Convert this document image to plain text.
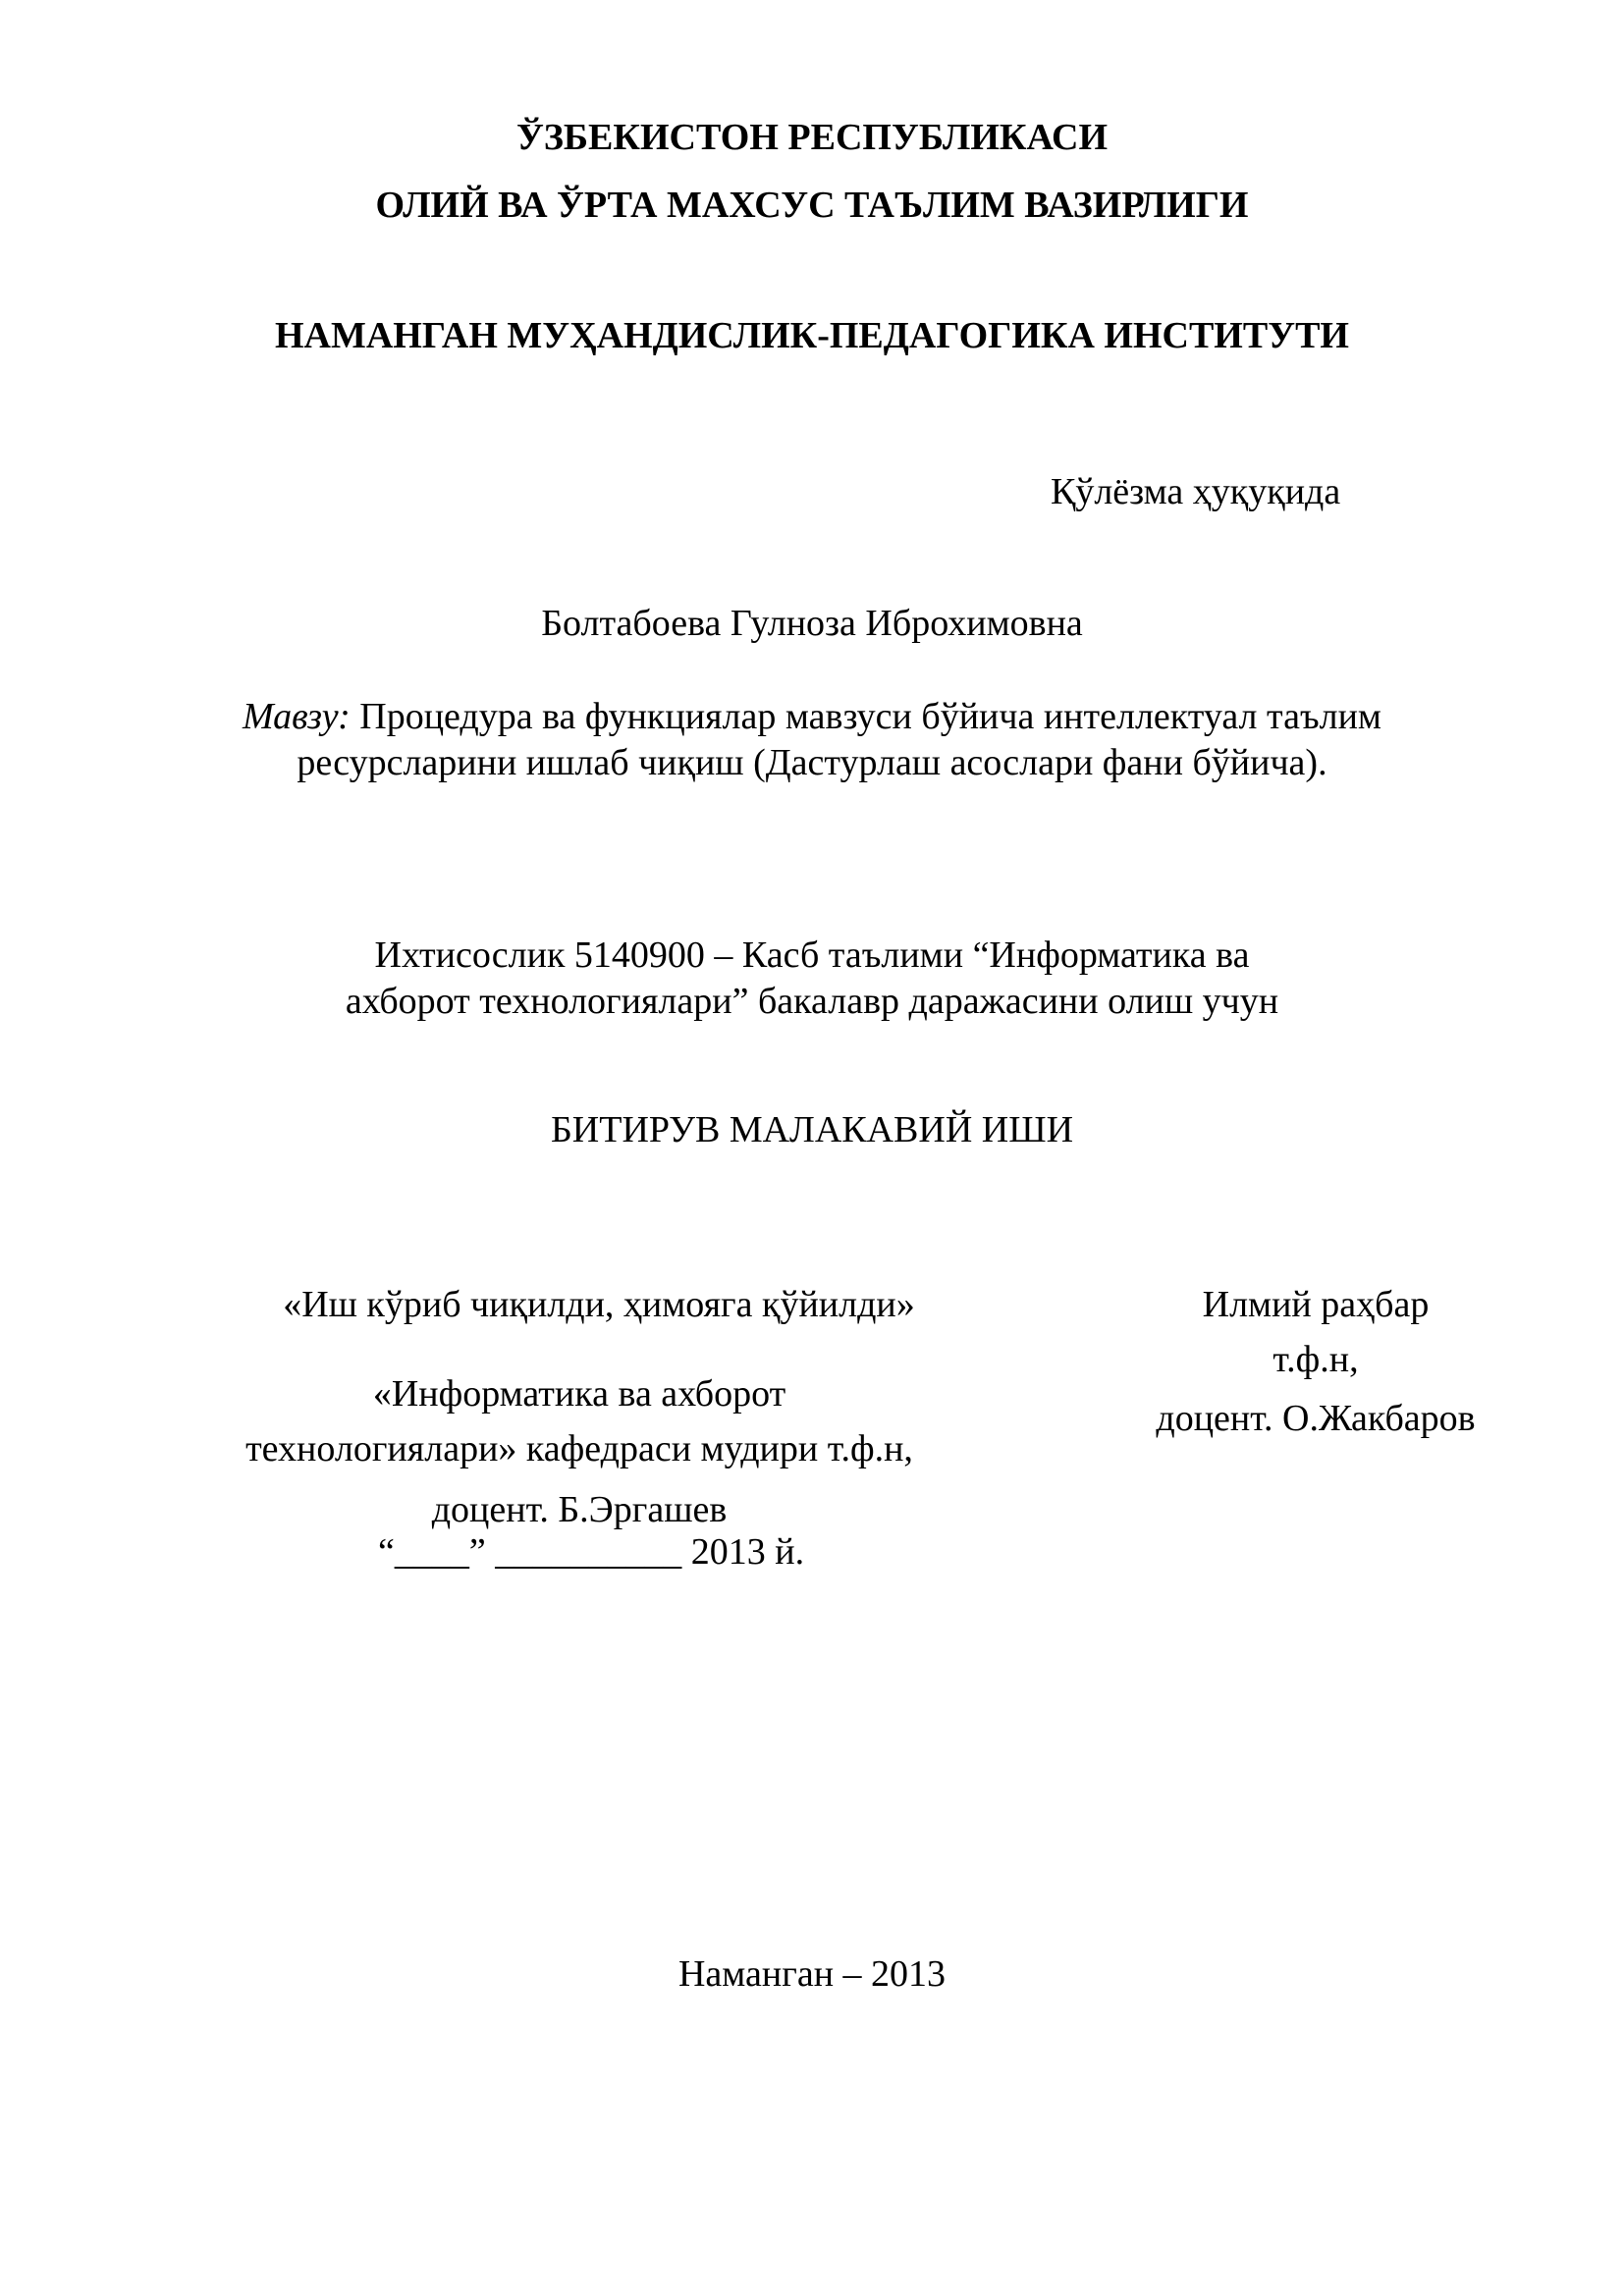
ЎЗБЕКИСТОН РЕСПУБЛИКАСИ
ОЛИЙ ВА ЎРТА МАХСУС ТАЪЛИМ ВАЗИРЛИГИ
НАМАНГАН МУҲАНДИСЛИК-ПЕДАГОГИКА ИНСТИТУТИ
Қўлёзма ҳуқуқида
Болтабоева Гулноза Иброхимовна
Мавзу: Процедура ва функциялар мавзуси бўйича интеллектуал таълим
ресурсларини ишлаб чиқиш (Дастурлаш асослари фани бўйича).
Ихтисослик 5140900 – Касб таълими “Информатика ва
ахборот технологиялари” бакалавр даражасини олиш учун
БИТИРУВ МАЛАКАВИЙ ИШИ
«Иш кўриб чиқилди, ҳимояга қўйилди»
«Информатика ва ахборот
технологиялари» кафедраси мудири т.ф.н,
доцент. Б.Эргашев
“____” __________ 2013 й.
Илмий раҳбар
т.ф.н,
доцент. О.Жакбаров
Наманган – 2013
